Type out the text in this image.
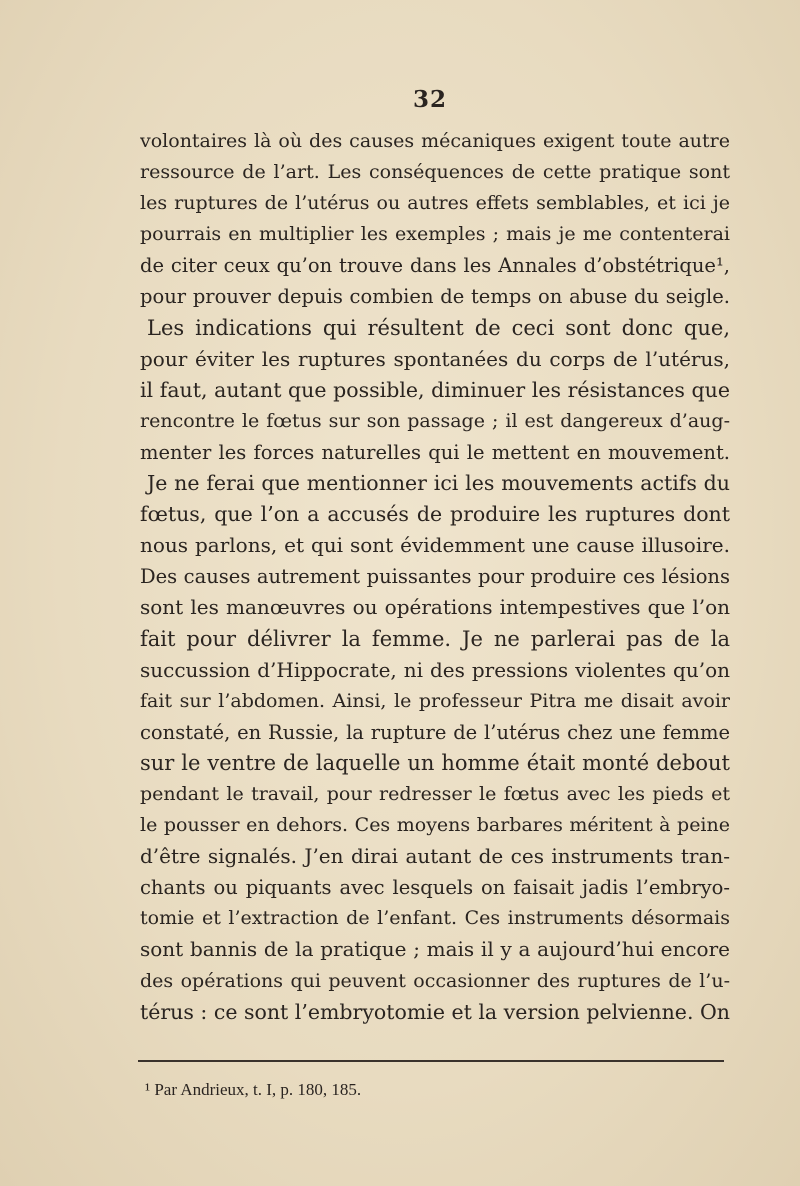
32
volontaires là où des causes mécaniques exigent toute autre
ressource de l’art. Les conséquences de cette pratique sont
les ruptures de l’utérus ou autres effets semblables, et ici je
pourrais en multiplier les exemples ; mais je me contenterai
de citer ceux qu’on trouve dans les Annales d’obstétrique¹,
pour prouver depuis combien de temps on abuse du seigle.
Les indications qui résultent de ceci sont donc que,
pour éviter les ruptures spontanées du corps de l’utérus,
il faut, autant que possible, diminuer les résistances que
rencontre le fœtus sur son passage ; il est dangereux d’aug-
menter les forces naturelles qui le mettent en mouvement.
Je ne ferai que mentionner ici les mouvements actifs du
fœtus, que l’on a accusés de produire les ruptures dont
nous parlons, et qui sont évidemment une cause illusoire.
Des causes autrement puissantes pour produire ces lésions
sont les manœuvres ou opérations intempestives que l’on
fait pour délivrer la femme. Je ne parlerai pas de la
succussion d’Hippocrate, ni des pressions violentes qu’on
fait sur l’abdomen. Ainsi, le professeur Pitra me disait avoir
constaté, en Russie, la rupture de l’utérus chez une femme
sur le ventre de laquelle un homme était monté debout
pendant le travail, pour redresser le fœtus avec les pieds et
le pousser en dehors. Ces moyens barbares méritent à peine
d’être signalés. J’en dirai autant de ces instruments tran-
chants ou piquants avec lesquels on faisait jadis l’embryo-
tomie et l’extraction de l’enfant. Ces instruments désormais
sont bannis de la pratique ; mais il y a aujourd’hui encore
des opérations qui peuvent occasionner des ruptures de l’u-
térus : ce sont l’embryotomie et la version pelvienne. On
¹ Par Andrieux, t. I, p. 180, 185.
